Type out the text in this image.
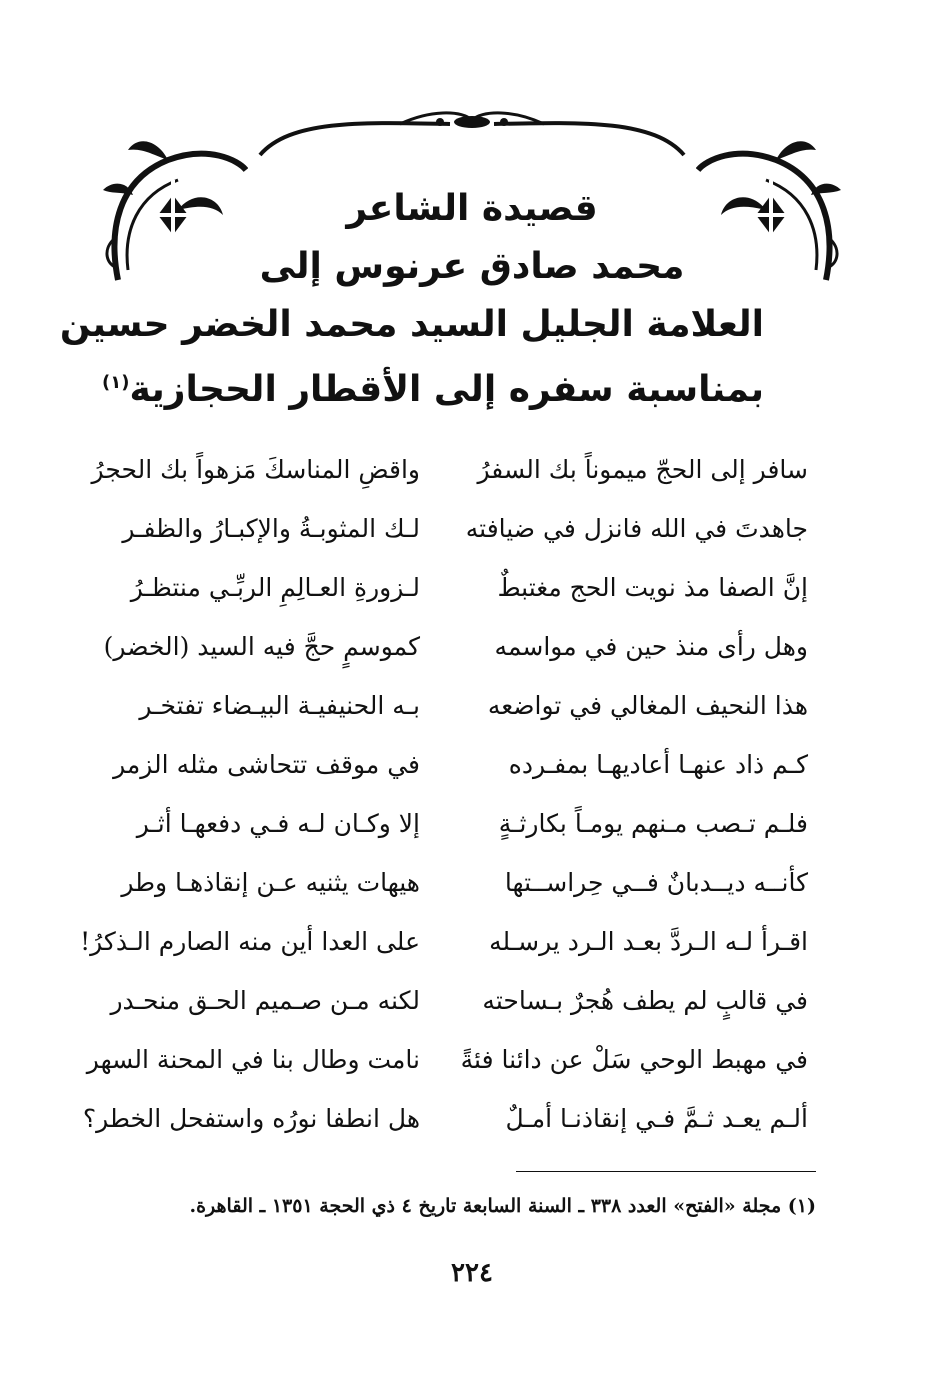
قصيدة الشاعر
محمد صادق عرنوس إلى
العلامة الجليل السيد محمد الخضر حسين
بمناسبة سفره إلى الأقطار الحجازية$^{(١)}$
سافر إلى الحجّ ميموناً بك السفرُ
واقضِ المناسكَ مَزهواً بك الحجرُ
جاهدتَ في الله فانزل في ضيافته
لـك المثوبـةُ والإكبـارُ والظفـر
إنَّ الصفا مذ نويت الحج مغتبطٌ
لـزورةِ العـالِمِ الربِّـي منتظـرُ
وهل رأى منذ حين في مواسمه
كموسمٍ حجَّ فيه السيد (الخضر)
هذا النحيف المغالي في تواضعه
بـه الحنيفيـة البيـضاء تفتخـر
كـم ذاد عنهـا أعاديهـا بمفـرده
في موقف تتحاشى مثله الزمر
فلـم تـصب مـنهم يومـاً بكارثـةٍ
إلا وكـان لـه فـي دفعهـا أثـر
كأنــه ديــدبانٌ فــي حِراســتها
هيهات يثنيه عـن إنقاذهـا وطر
اقـرأ لـه الـردَّ بعـد الـرد يرسـله
على العدا أين منه الصارم الـذكرُ!
في قالبٍ لم يطف هُجرٌ بـساحته
لكنه مـن صـميم الحـق منحـدر
في مهبط الوحي سَلْ عن دائنا فئةً
نامت وطال بنا في المحنة السهر
ألـم يعـد ثـمَّ فـي إنقاذنـا أمـلٌ
هل انطفا نورُه واستفحل الخطر؟
(١) مجلة «الفتح» العدد ٣٣٨ ـ السنة السابعة تاريخ ٤ ذي الحجة ١٣٥١ ـ القاهرة.
٢٢٤
